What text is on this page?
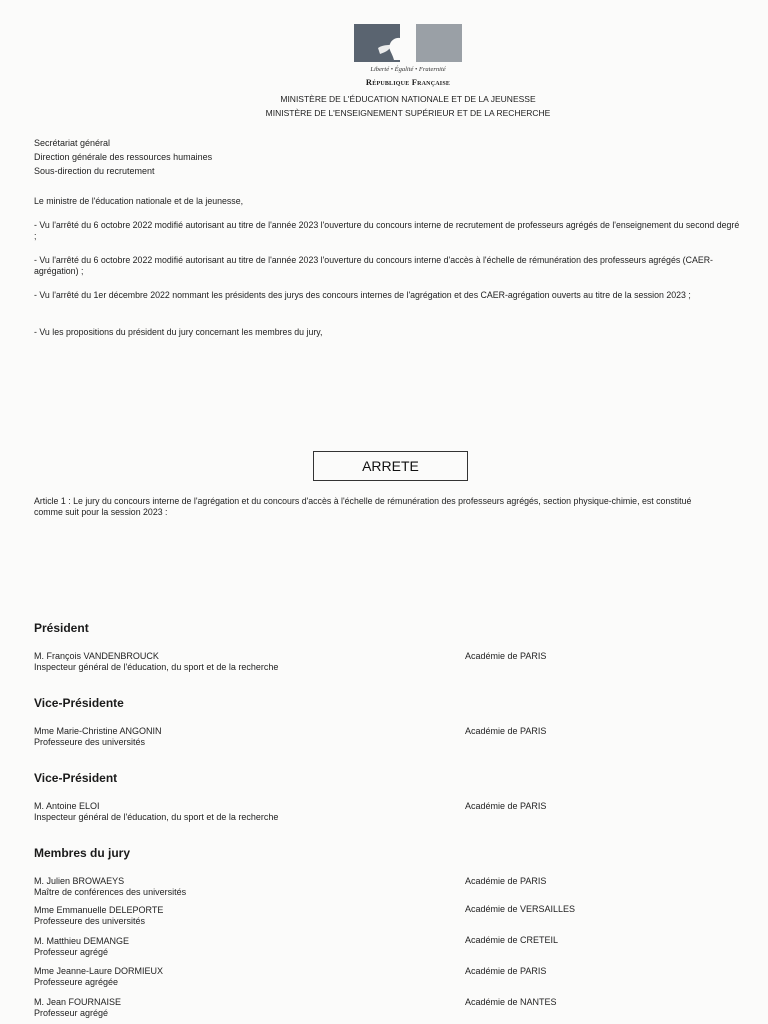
Liberté • Égalité • Fraternité
République Française
MINISTÈRE DE L'ÉDUCATION NATIONALE ET DE LA JEUNESSE
MINISTÈRE DE L'ENSEIGNEMENT SUPÉRIEUR ET DE LA RECHERCHE
Secrétariat général
Direction générale des ressources humaines
Sous-direction du recrutement
Le ministre de l'éducation nationale et de la jeunesse,
- Vu l'arrêté du 6 octobre 2022 modifié autorisant au titre de l'année 2023 l'ouverture du concours interne de recrutement de professeurs agrégés de l'enseignement du second degré ;
- Vu l'arrêté du 6 octobre 2022 modifié autorisant au titre de l'année 2023 l'ouverture du concours interne d'accès à l'échelle de rémunération des professeurs agrégés (CAER-agrégation) ;
- Vu l'arrêté du 1er décembre 2022 nommant les présidents des jurys des concours internes de l'agrégation et des CAER-agrégation ouverts au titre de la session 2023 ;
- Vu les propositions du président du jury concernant les membres du jury,
ARRETE
Article 1 : Le jury du concours interne de l'agrégation et du concours d'accès à l'échelle de rémunération des professeurs agrégés, section physique-chimie, est constitué comme suit pour la session 2023 :
Président
M. François VANDENBROUCK
Inspecteur général de l'éducation, du sport et de la recherche
Académie de PARIS
Vice-Présidente
Mme Marie-Christine ANGONIN
Professeure des universités
Académie de PARIS
Vice-Président
M. Antoine ELOI
Inspecteur général de l'éducation, du sport et de la recherche
Académie de PARIS
Membres du jury
M. Julien BROWAEYS
Maître de conférences des universités
Académie de PARIS
Mme Emmanuelle DELEPORTE
Professeure des universités
Académie de VERSAILLES
M. Matthieu DEMANGE
Professeur agrégé
Académie de CRETEIL
Mme Jeanne-Laure DORMIEUX
Professeure agrégée
Académie de PARIS
M. Jean FOURNAISE
Professeur agrégé
Académie de NANTES
